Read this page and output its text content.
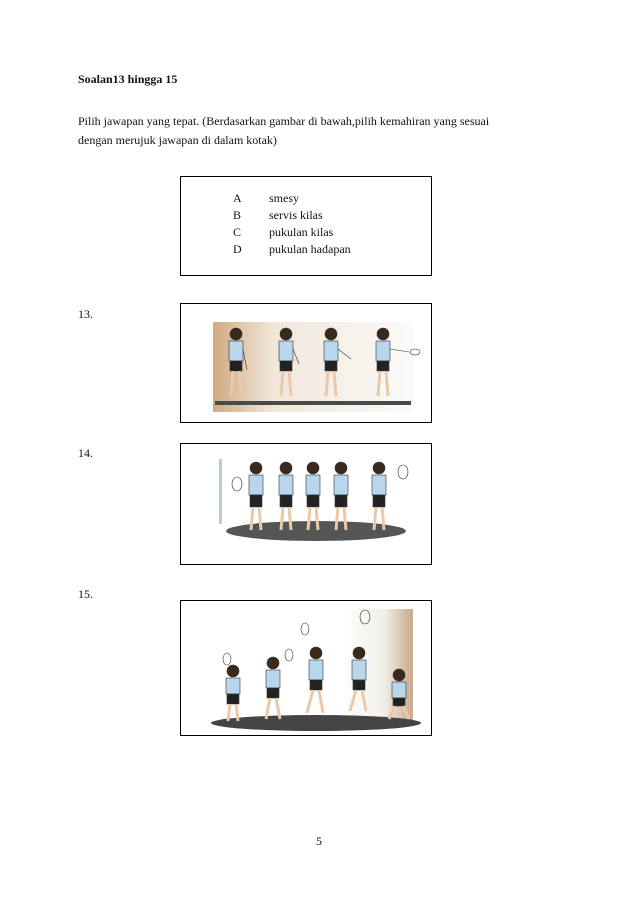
Soalan13 hingga 15
Pilih jawapan yang tepat. (Berdasarkan gambar di bawah,pilih kemahiran yang sesuai
dengan merujuk jawapan di dalam kotak)
A smesy
B servis kilas
C pukulan kilas
D pukulan hadapan
13.
14.
15.
5
